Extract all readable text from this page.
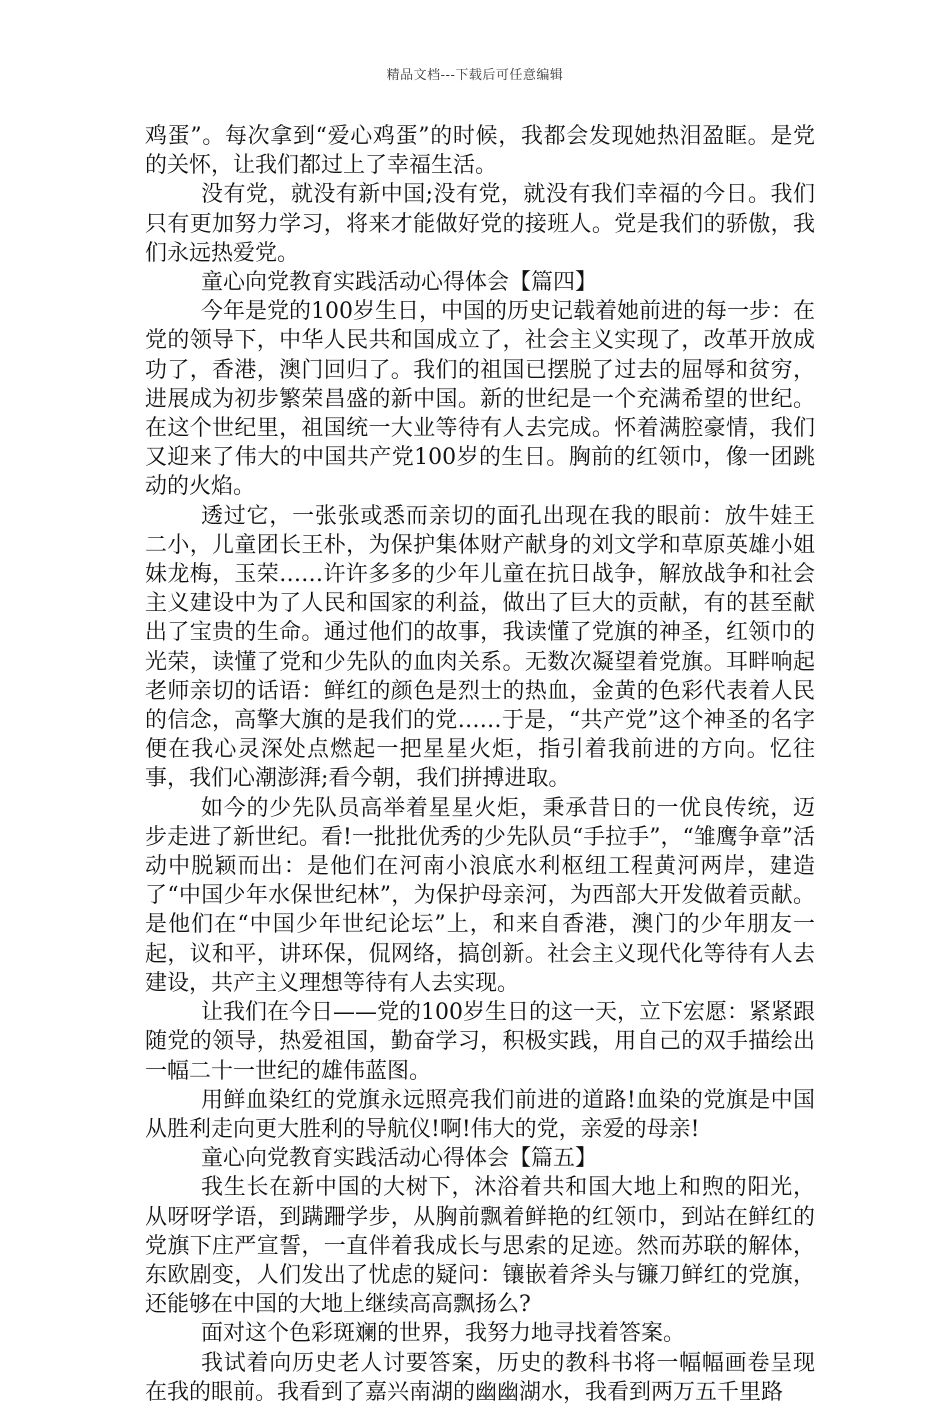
精品文档---下载后可任意编辑

鸡蛋”。每次拿到“爱心鸡蛋”的时候，我都会发现她热泪盈眶。是党的关怀，让我们都过上了幸福生活。

没有党，就没有新中国;没有党，就没有我们幸福的今日。我们只有更加努力学习，将来才能做好党的接班人。党是我们的骄傲，我们永远热爱党。

童心向党教育实践活动心得体会【篇四】

今年是党的100岁生日，中国的历史记载着她前进的每一步：在党的领导下，中华人民共和国成立了，社会主义实现了，改革开放成功了，香港，澳门回归了。我们的祖国已摆脱了过去的屈辱和贫穷，进展成为初步繁荣昌盛的新中国。新的世纪是一个充满希望的世纪。在这个世纪里，祖国统一大业等待有人去完成。怀着满腔豪情，我们又迎来了伟大的中国共产党100岁的生日。胸前的红领巾，像一团跳动的火焰。

透过它，一张张或悉而亲切的面孔出现在我的眼前：放牛娃王二小，儿童团长王朴，为保护集体财产献身的刘文学和草原英雄小姐妹龙梅，玉荣……许许多多的少年儿童在抗日战争，解放战争和社会主义建设中为了人民和国家的利益，做出了巨大的贡献，有的甚至献出了宝贵的生命。通过他们的故事，我读懂了党旗的神圣，红领巾的光荣，读懂了党和少先队的血肉关系。无数次凝望着党旗。耳畔响起老师亲切的话语：鲜红的颜色是烈士的热血，金黄的色彩代表着人民的信念，高擎大旗的是我们的党……于是，“共产党”这个神圣的名字便在我心灵深处点燃起一把星星火炬，指引着我前进的方向。忆往事，我们心潮澎湃;看今朝，我们拼搏进取。

如今的少先队员高举着星星火炬，秉承昔日的一优良传统，迈步走进了新世纪。看!一批批优秀的少先队员“手拉手”，“雏鹰争章”活动中脱颖而出：是他们在河南小浪底水利枢纽工程黄河两岸，建造了“中国少年水保世纪林”，为保护母亲河，为西部大开发做着贡献。是他们在“中国少年世纪论坛”上，和来自香港，澳门的少年朋友一起，议和平，讲环保，侃网络，搞创新。社会主义现代化等待有人去建设，共产主义理想等待有人去实现。

让我们在今日——党的100岁生日的这一天，立下宏愿：紧紧跟随党的领导，热爱祖国，勤奋学习，积极实践，用自己的双手描绘出一幅二十一世纪的雄伟蓝图。

用鲜血染红的党旗永远照亮我们前进的道路!血染的党旗是中国从胜利走向更大胜利的导航仪!啊!伟大的党，亲爱的母亲!

童心向党教育实践活动心得体会【篇五】

我生长在新中国的大树下，沐浴着共和国大地上和煦的阳光，从呀呀学语，到蹒跚学步，从胸前飘着鲜艳的红领巾，到站在鲜红的党旗下庄严宣誓，一直伴着我成长与思索的足迹。然而苏联的解体，东欧剧变，人们发出了忧虑的疑问：镶嵌着斧头与镰刀鲜红的党旗，还能够在中国的大地上继续高高飘扬么?

面对这个色彩斑斓的世界，我努力地寻找着答案。

我试着向历史老人讨要答案，历史的教科书将一幅幅画卷呈现在我的眼前。我看到了嘉兴南湖的幽幽湖水，我看到两万五千里路
